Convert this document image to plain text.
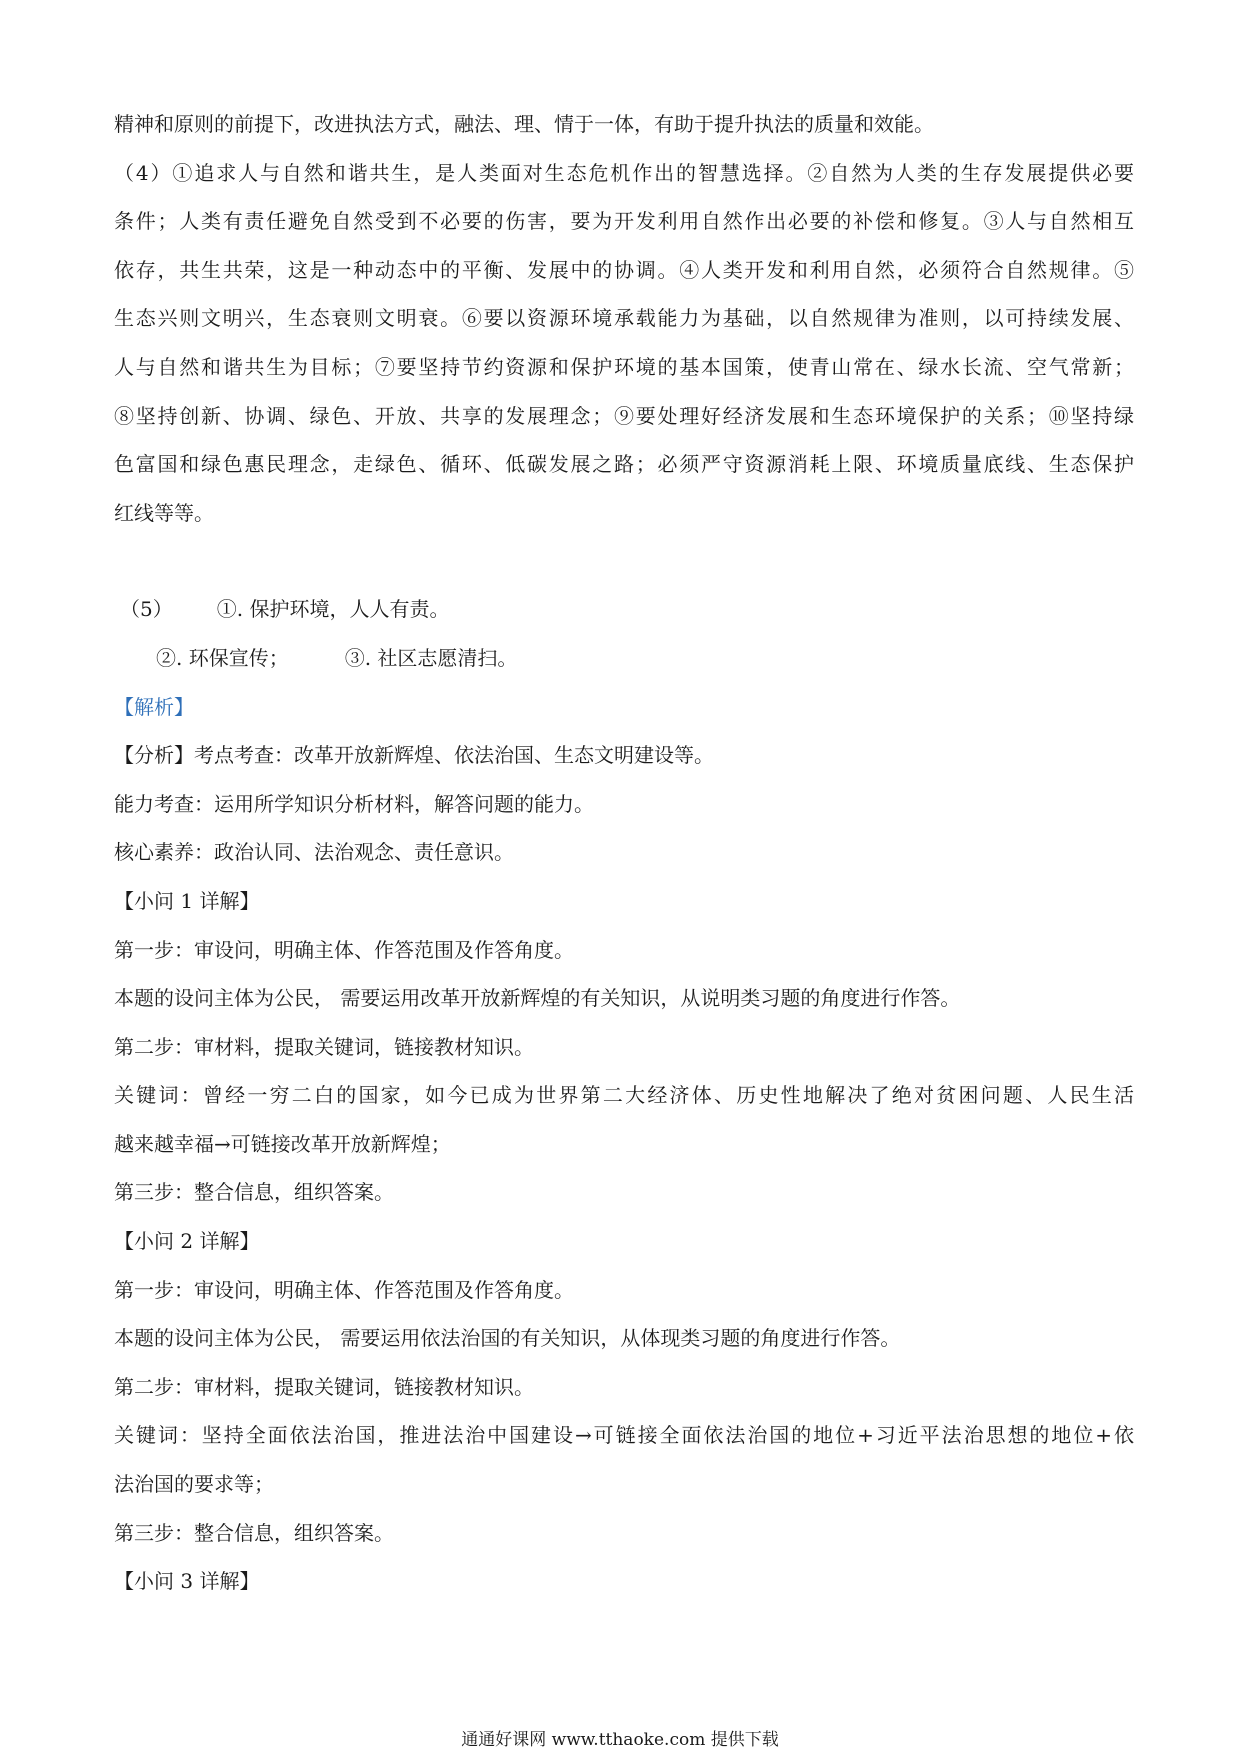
精神和原则的前提下，改进执法方式，融法、理、情于一体，有助于提升执法的质量和效能。
（4）①追求人与自然和谐共生，是人类面对生态危机作出的智慧选择。②自然为人类的生存发展提供必要
条件；人类有责任避免自然受到不必要的伤害，要为开发利用自然作出必要的补偿和修复。③人与自然相互
依存，共生共荣，这是一种动态中的平衡、发展中的协调。④人类开发和利用自然，必须符合自然规律。⑤
生态兴则文明兴，生态衰则文明衰。⑥要以资源环境承载能力为基础，以自然规律为准则，以可持续发展、
人与自然和谐共生为目标；⑦要坚持节约资源和保护环境的基本国策，使青山常在、绿水长流、空气常新；
⑧坚持创新、协调、绿色、开放、共享的发展理念；⑨要处理好经济发展和生态环境保护的关系；⑩坚持绿
色富国和绿色惠民理念，走绿色、循环、低碳发展之路；必须严守资源消耗上限、环境质量底线、生态保护
红线等等。
（5） ①. 保护环境，人人有责。
②. 环保宣传；	③. 社区志愿清扫。
【解析】
【分析】考点考查：改革开放新辉煌、依法治国、生态文明建设等。
能力考查：运用所学知识分析材料，解答问题的能力。
核心素养：政治认同、法治观念、责任意识。
【小问 1 详解】
第一步：审设问，明确主体、作答范围及作答角度。
本题的设问主体为公民， 需要运用改革开放新辉煌的有关知识，从说明类习题的角度进行作答。
第二步：审材料，提取关键词，链接教材知识。
关键词：曾经一穷二白的国家，如今已成为世界第二大经济体、历史性地解决了绝对贫困问题、人民生活
越来越幸福→可链接改革开放新辉煌；
第三步：整合信息，组织答案。
【小问 2 详解】
第一步：审设问，明确主体、作答范围及作答角度。
本题的设问主体为公民， 需要运用依法治国的有关知识，从体现类习题的角度进行作答。
第二步：审材料，提取关键词，链接教材知识。
关键词：坚持全面依法治国，推进法治中国建设→可链接全面依法治国的地位+习近平法治思想的地位+依
法治国的要求等；
第三步：整合信息，组织答案。
【小问 3 详解】
通通好课网 www.tthaoke.com 提供下载
